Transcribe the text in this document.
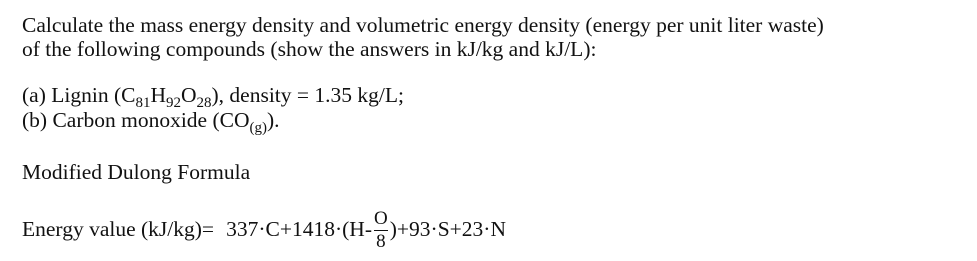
Calculate the mass energy density and volumetric energy density (energy per unit liter waste)
of the following compounds (show the answers in kJ/kg and kJ/L):
(a) Lignin $(C_{81}H_{92}O_{28})$, density = 1.35 kg/L;
(b) Carbon monoxide $(CO_{(g)})$.
Modified Dulong Formula
Energy value $(kJ/kg) = 337\cdot C + 1418\cdot(H - \frac{O}{8}$ ) + 93·S + 23·N
